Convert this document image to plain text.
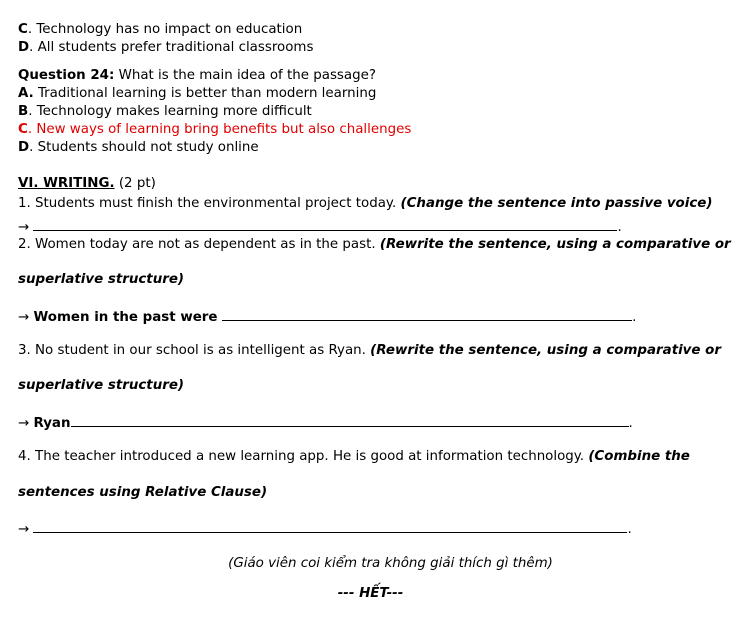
C. Technology has no impact on education
D. All students prefer traditional classrooms
Question 24: What is the main idea of the passage?
A. Traditional learning is better than modern learning
B. Technology makes learning more difficult
C. New ways of learning bring benefits but also challenges
D. Students should not study online
VI. WRITING. (2 pt)
1. Students must finish the environmental project today. (Change the sentence into passive voice)
→	.
2. Women today are not as dependent as in the past. (Rewrite the sentence, using a comparative or
superlative structure)
→ Women in the past were	.
3. No student in our school is as intelligent as Ryan. (Rewrite the sentence, using a comparative or
superlative structure)
→ Ryan	.
4. The teacher introduced a new learning app. He is good at information technology. (Combine the
sentences using Relative Clause)
→	.
(Giáo viên coi kiểm tra không giải thích gì thêm)
--- HẾT---
